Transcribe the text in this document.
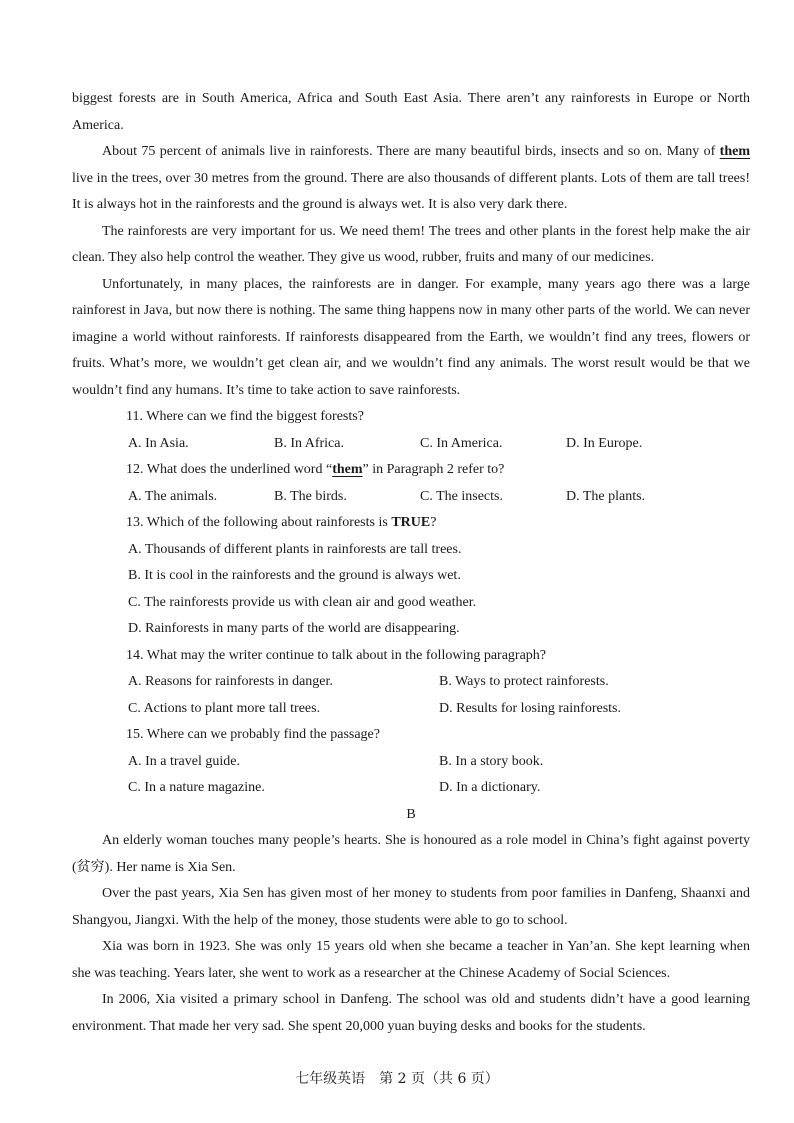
biggest forests are in South America, Africa and South East Asia. There aren’t any rainforests in Europe or North America.

About 75 percent of animals live in rainforests. There are many beautiful birds, insects and so on. Many of them live in the trees, over 30 metres from the ground. There are also thousands of different plants. Lots of them are tall trees! It is always hot in the rainforests and the ground is always wet. It is also very dark there.

The rainforests are very important for us. We need them! The trees and other plants in the forest help make the air clean. They also help control the weather. They give us wood, rubber, fruits and many of our medicines.

Unfortunately, in many places, the rainforests are in danger. For example, many years ago there was a large rainforest in Java, but now there is nothing. The same thing happens now in many other parts of the world. We can never imagine a world without rainforests. If rainforests disappeared from the Earth, we wouldn’t find any trees, flowers or fruits. What’s more, we wouldn’t get clean air, and we wouldn’t find any animals. The worst result would be that we wouldn’t find any humans. It’s time to take action to save rainforests.

11. Where can we find the biggest forests?

A. In Asia.	B. In Africa.	C. In America.	D. In Europe.

12. What does the underlined word “them” in Paragraph 2 refer to?

A. The animals.	B. The birds.	C. The insects.	D. The plants.

13. Which of the following about rainforests is TRUE?

A. Thousands of different plants in rainforests are tall trees.

B. It is cool in the rainforests and the ground is always wet.

C. The rainforests provide us with clean air and good weather.

D. Rainforests in many parts of the world are disappearing.

14. What may the writer continue to talk about in the following paragraph?

A. Reasons for rainforests in danger.	B. Ways to protect rainforests.
C. Actions to plant more tall trees.	D. Results for losing rainforests.

15. Where can we probably find the passage?

A. In a travel guide.	B. In a story book.
C. In a nature magazine.	D. In a dictionary.

B

An elderly woman touches many people’s hearts. She is honoured as a role model in China’s fight against poverty (贫穷). Her name is Xia Sen.

Over the past years, Xia Sen has given most of her money to students from poor families in Danfeng, Shaanxi and Shangyou, Jiangxi. With the help of the money, those students were able to go to school.

Xia was born in 1923. She was only 15 years old when she became a teacher in Yan’an. She kept learning when she was teaching. Years later, she went to work as a researcher at the Chinese Academy of Social Sciences.

In 2006, Xia visited a primary school in Danfeng. The school was old and students didn’t have a good learning environment. That made her very sad. She spent 20,000 yuan buying desks and books for the students.

七年级英语　第 2 页（共 6 页）
